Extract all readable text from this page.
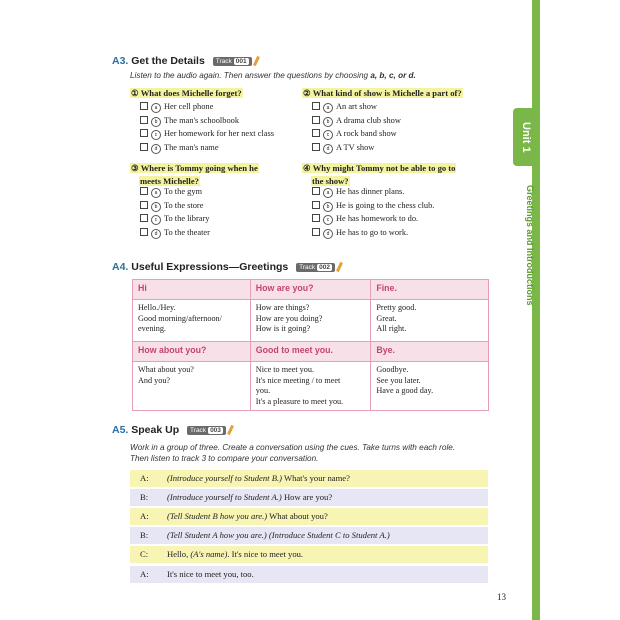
Unit 1
Greetings and Introductions
A3. Get the Details Track 001
Listen to the audio again. Then answer the questions by choosing a, b, c, or d.
① What does Michelle forget?
a Her cell phone
b The man's schoolbook
c Her homework for her next class
d The man's name
② What kind of show is Michelle a part of?
a An art show
b A drama club show
c A rock band show
d A TV show
③ Where is Tommy going when he
meets Michelle?
a To the gym
b To the store
c To the library
d To the theater
④ Why might Tommy not be able to go to
the show?
a He has dinner plans.
b He is going to the chess club.
c He has homework to do.
d He has to go to work.
A4. Useful Expressions—Greetings Track 002
Hi	How are you?	Fine.

Hello./Hey.
Good morning/afternoon/
evening.	How are things?
How are you doing?
How is it going?	Pretty good.
Great.
All right.

How about you?	Good to meet you.	Bye.

What about you?
And you?	Nice to meet you.
It's nice meeting / to meet
you.
It's a pleasure to meet you.	Goodbye.
See you later.
Have a good day.
A5. Speak Up Track 003
Work in a group of three. Create a conversation using the cues. Take turns with each role.
Then listen to track 3 to compare your conversation.
A: (Introduce yourself to Student B.) What's your name?
B: (Introduce yourself to Student A.) How are you?
A: (Tell Student B how you are.) What about you?
B: (Tell Student A how you are.) (Introduce Student C to Student A.)
C: Hello, (A's name). It's nice to meet you.
A: It's nice to meet you, too.
13
